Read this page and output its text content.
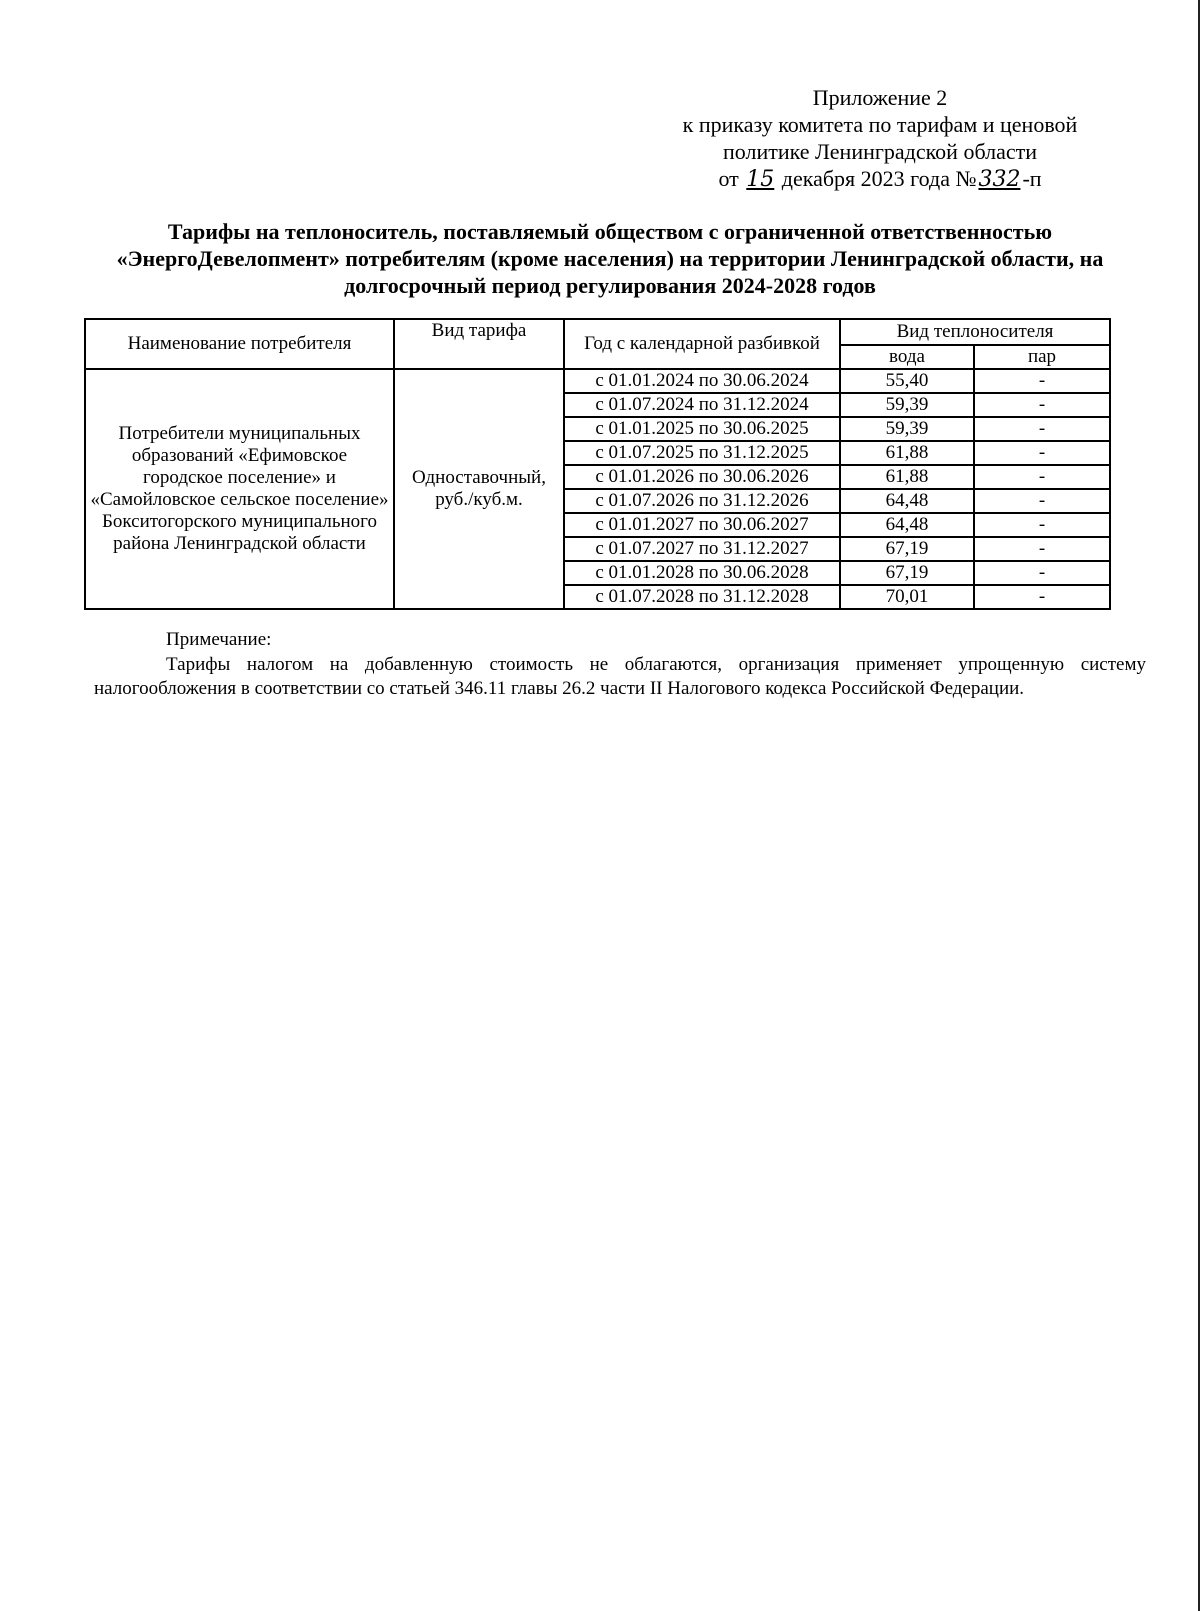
Приложение 2
к приказу комитета по тарифам и ценовой
политике Ленинградской области
от 15 декабря 2023 года №332-п
Тарифы на теплоноситель, поставляемый обществом с ограниченной ответственностью «ЭнергоДевелопмент» потребителям (кроме населения) на территории Ленинградской области, на долгосрочный период регулирования 2024-2028 годов
Наименование потребителя	Вид тарифа	Год с календарной разбивкой	Вид теплоносителя	
			вода	пар
Потребители муниципальных образований «Ефимовское городское поселение» и «Самойловское сельское поселение» Бокситогорского муниципального района Ленинградской области	Одноставочный, руб./куб.м.	с 01.01.2024 по 30.06.2024	55,40	-
		с 01.07.2024 по 31.12.2024	59,39	-
		с 01.01.2025 по 30.06.2025	59,39	-
		с 01.07.2025 по 31.12.2025	61,88	-
		с 01.01.2026 по 30.06.2026	61,88	-
		с 01.07.2026 по 31.12.2026	64,48	-
		с 01.01.2027 по 30.06.2027	64,48	-
		с 01.07.2027 по 31.12.2027	67,19	-
		с 01.01.2028 по 30.06.2028	67,19	-
		с 01.07.2028 по 31.12.2028	70,01	-
Примечание:
Тарифы налогом на добавленную стоимость не облагаются, организация применяет упрощенную систему налогообложения в соответствии со статьей 346.11 главы 26.2 части II Налогового кодекса Российской Федерации.
